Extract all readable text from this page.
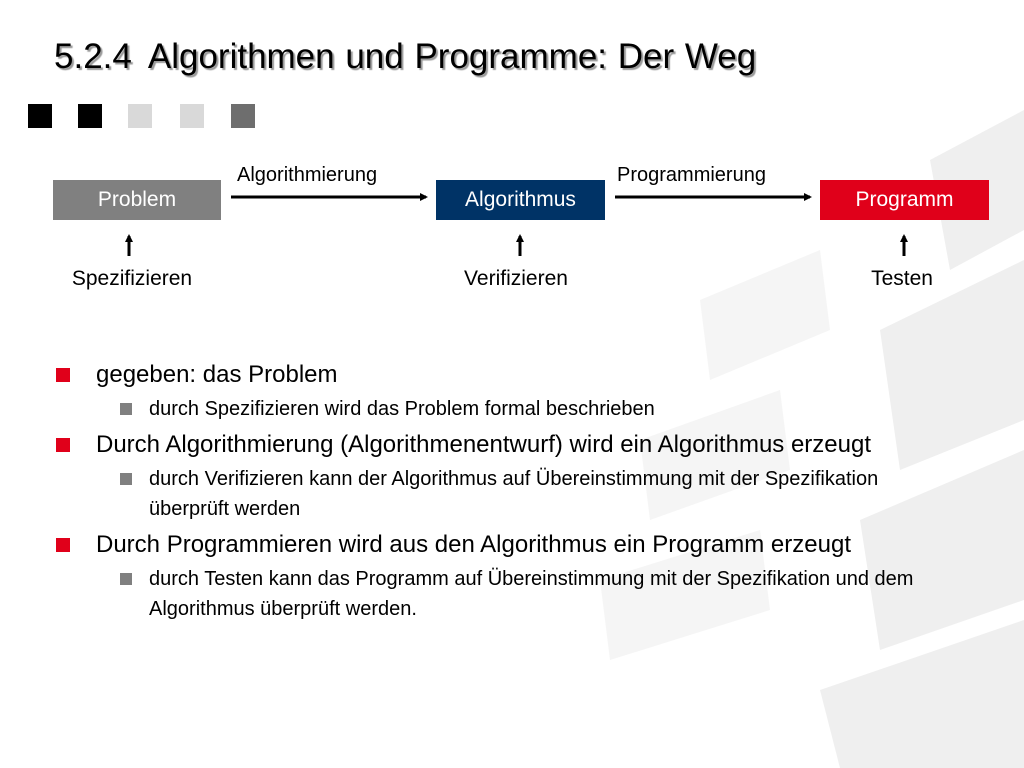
5.2.4 Algorithmen und Programme: Der Weg
Problem	Algorithmus	Programm
Algorithmierung	Programmierung
Spezifizieren	Verifizieren	Testen
gegeben: das Problem
durch Spezifizieren wird das Problem formal beschrieben
Durch Algorithmierung (Algorithmenentwurf) wird ein Algorithmus erzeugt
durch Verifizieren kann der Algorithmus auf Übereinstimmung mit der Spezifikation überprüft werden
Durch Programmieren wird aus den Algorithmus ein Programm erzeugt
durch Testen kann das Programm auf Übereinstimmung mit der Spezifikation und dem Algorithmus überprüft werden.
